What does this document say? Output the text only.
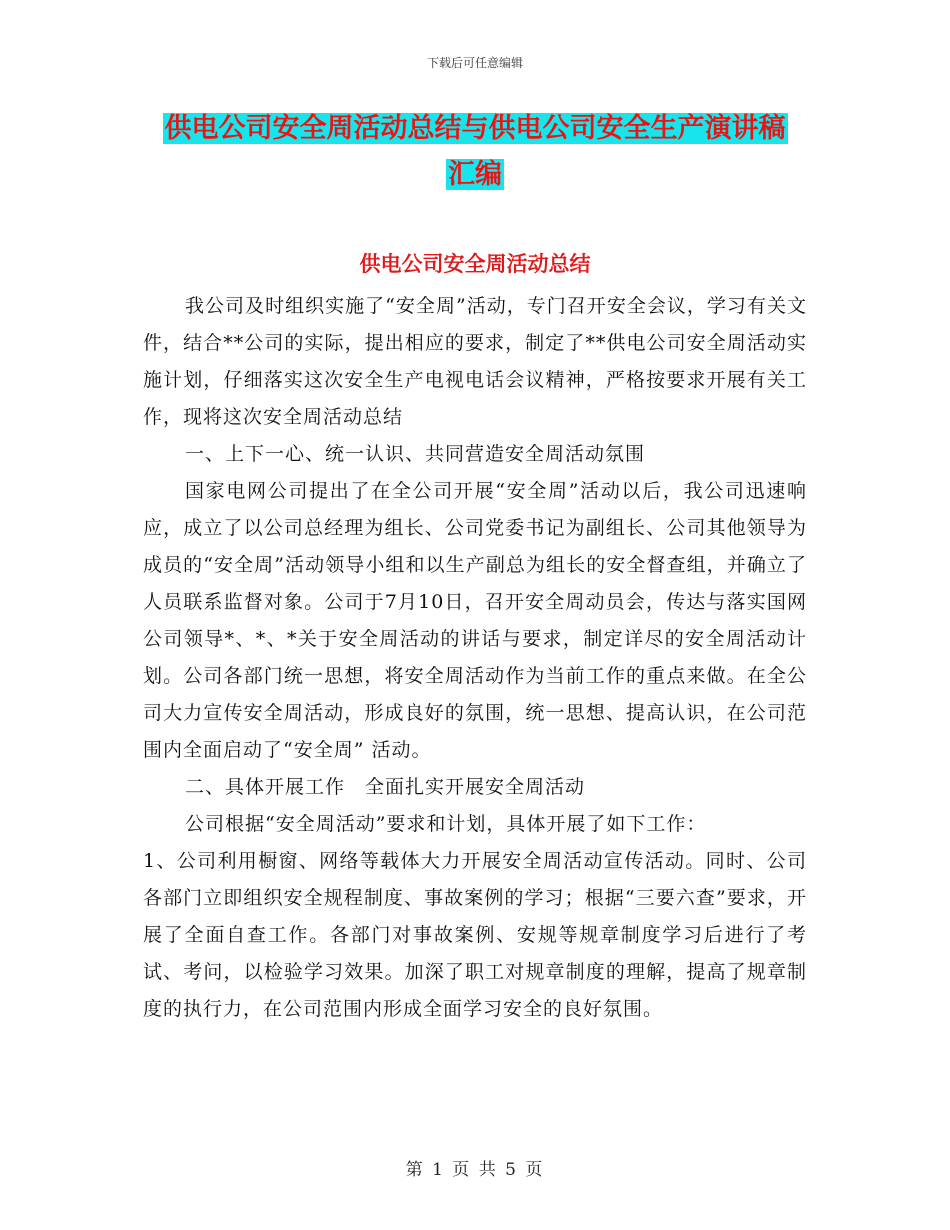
下载后可任意编辑
供电公司安全周活动总结与供电公司安全生产演讲稿
汇编
供电公司安全周活动总结

我公司及时组织实施了“安全周”活动，专门召开安全会议，学习有关文件，结合**公司的实际，提出相应的要求，制定了**供电公司安全周活动实施计划，仔细落实这次安全生产电视电话会议精神，严格按要求开展有关工作，现将这次安全周活动总结

一、上下一心、统一认识、共同营造安全周活动氛围

国家电网公司提出了在全公司开展“安全周”活动以后，我公司迅速响应，成立了以公司总经理为组长、公司党委书记为副组长、公司其他领导为成员的“安全周”活动领导小组和以生产副总为组长的安全督查组，并确立了人员联系监督对象。公司于7月10日，召开安全周动员会，传达与落实国网公司领导*、*、*关于安全周活动的讲话与要求，制定详尽的安全周活动计划。公司各部门统一思想，将安全周活动作为当前工作的重点来做。在全公司大力宣传安全周活动，形成良好的氛围，统一思想、提高认识，在公司范围内全面启动了“安全周” 活动。

二、具体开展工作　全面扎实开展安全周活动

公司根据“安全周活动”要求和计划，具体开展了如下工作：

1、公司利用橱窗、网络等载体大力开展安全周活动宣传活动。同时、公司各部门立即组织安全规程制度、事故案例的学习；根据“三要六查”要求，开展了全面自查工作。各部门对事故案例、安规等规章制度学习后进行了考试、考问，以检验学习效果。加深了职工对规章制度的理解，提高了规章制度的执行力，在公司范围内形成全面学习安全的良好氛围。

第 1 页 共 5 页
